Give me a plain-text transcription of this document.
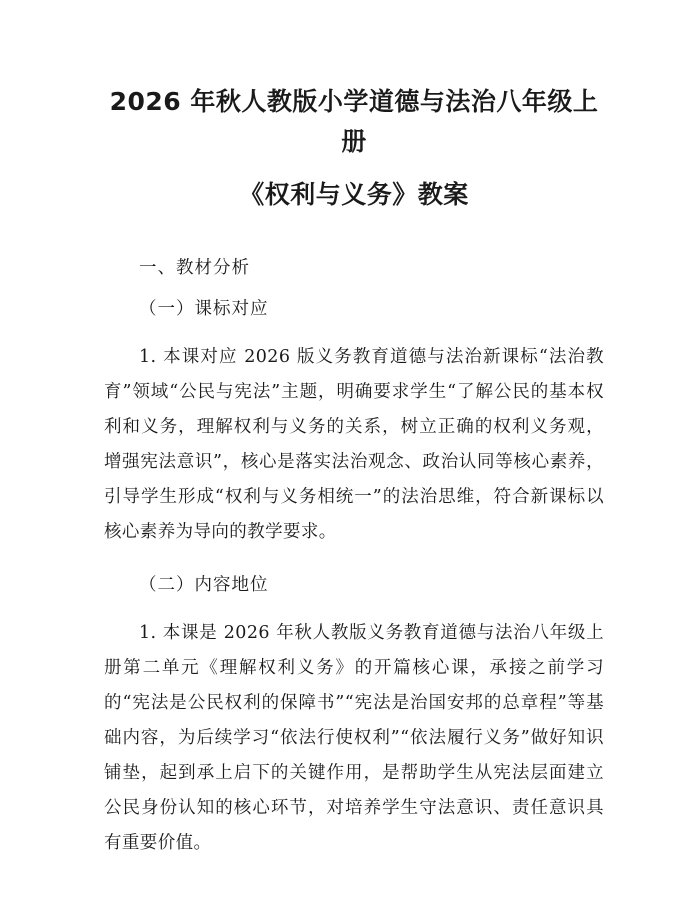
2026 年秋人教版小学道德与法治八年级上册
《权利与义务》教案

一、教材分析

（一）课标对应

1. 本课对应 2026 版义务教育道德与法治新课标“法治教育”领域“公民与宪法”主题，明确要求学生“了解公民的基本权利和义务，理解权利与义务的关系，树立正确的权利义务观，增强宪法意识”，核心是落实法治观念、政治认同等核心素养，引导学生形成“权利与义务相统一”的法治思维，符合新课标以核心素养为导向的教学要求。

（二）内容地位

1. 本课是 2026 年秋人教版义务教育道德与法治八年级上册第二单元《理解权利义务》的开篇核心课，承接之前学习的“宪法是公民权利的保障书”“宪法是治国安邦的总章程”等基础内容，为后续学习“依法行使权利”“依法履行义务”做好知识铺垫，起到承上启下的关键作用，是帮助学生从宪法层面建立公民身份认知的核心环节，对培养学生守法意识、责任意识具有重要价值。
